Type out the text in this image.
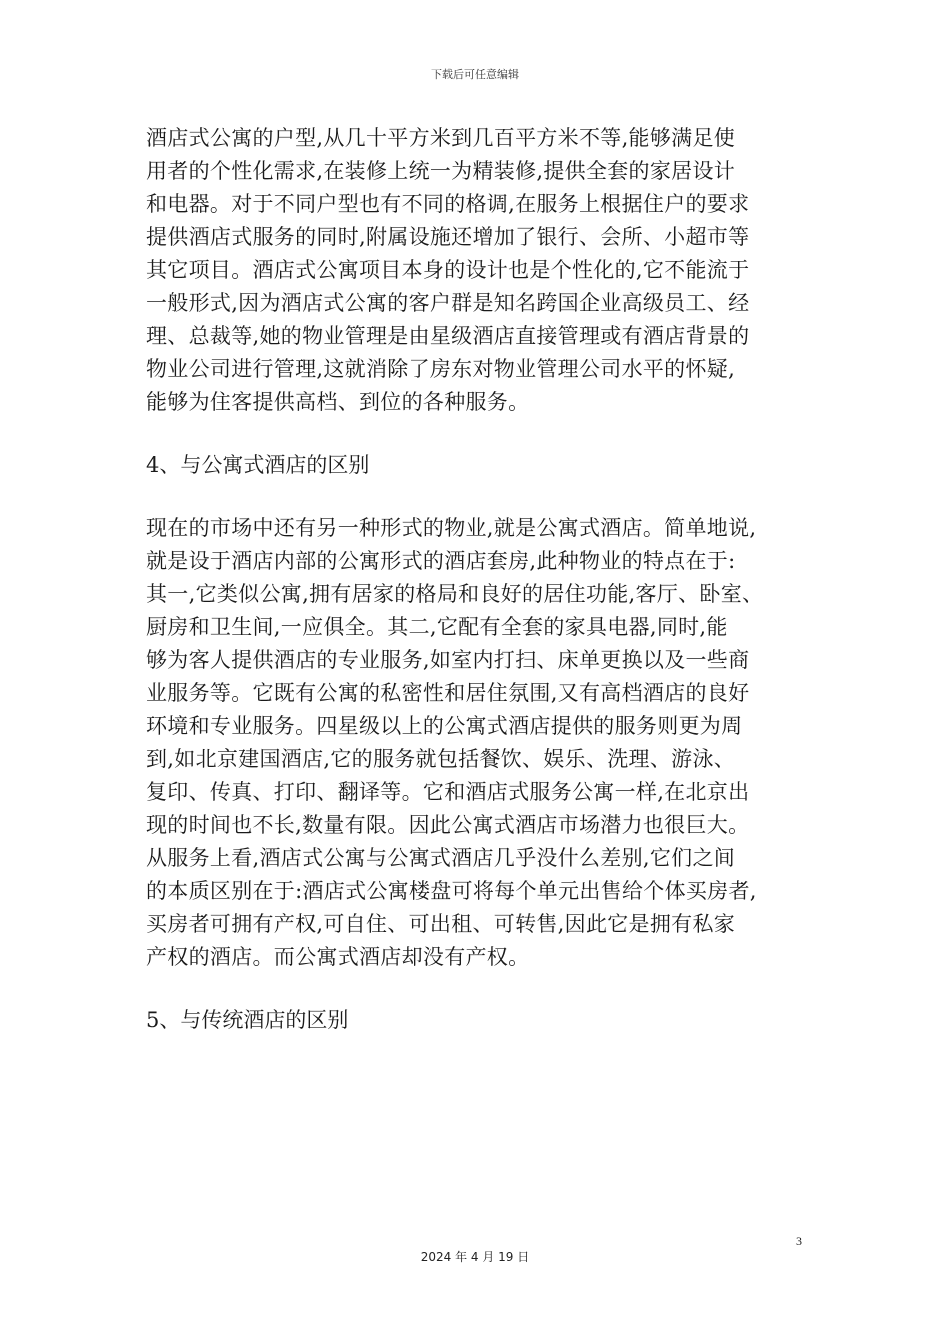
下载后可任意编辑
酒店式公寓的户型,从几十平方米到几百平方米不等,能够满足使
用者的个性化需求,在装修上统一为精装修,提供全套的家居设计
和电器。对于不同户型也有不同的格调,在服务上根据住户的要求
提供酒店式服务的同时,附属设施还增加了银行、会所、小超市等
其它项目。酒店式公寓项目本身的设计也是个性化的,它不能流于
一般形式,因为酒店式公寓的客户群是知名跨国企业高级员工、经
理、总裁等,她的物业管理是由星级酒店直接管理或有酒店背景的
物业公司进行管理,这就消除了房东对物业管理公司水平的怀疑,
能够为住客提供高档、到位的各种服务。
4、与公寓式酒店的区别
现在的市场中还有另一种形式的物业,就是公寓式酒店。简单地说,
就是设于酒店内部的公寓形式的酒店套房,此种物业的特点在于:
其一,它类似公寓,拥有居家的格局和良好的居住功能,客厅、卧室、
厨房和卫生间,一应俱全。其二,它配有全套的家具电器,同时,能
够为客人提供酒店的专业服务,如室内打扫、床单更换以及一些商
业服务等。它既有公寓的私密性和居住氛围,又有高档酒店的良好
环境和专业服务。四星级以上的公寓式酒店提供的服务则更为周
到,如北京建国酒店,它的服务就包括餐饮、娱乐、洗理、游泳、
复印、传真、打印、翻译等。它和酒店式服务公寓一样,在北京出
现的时间也不长,数量有限。因此公寓式酒店市场潜力也很巨大。
从服务上看,酒店式公寓与公寓式酒店几乎没什么差别,它们之间
的本质区别在于:酒店式公寓楼盘可将每个单元出售给个体买房者,
买房者可拥有产权,可自住、可出租、可转售,因此它是拥有私家
产权的酒店。而公寓式酒店却没有产权。
5、与传统酒店的区别
3
2024 年 4 月 19 日
